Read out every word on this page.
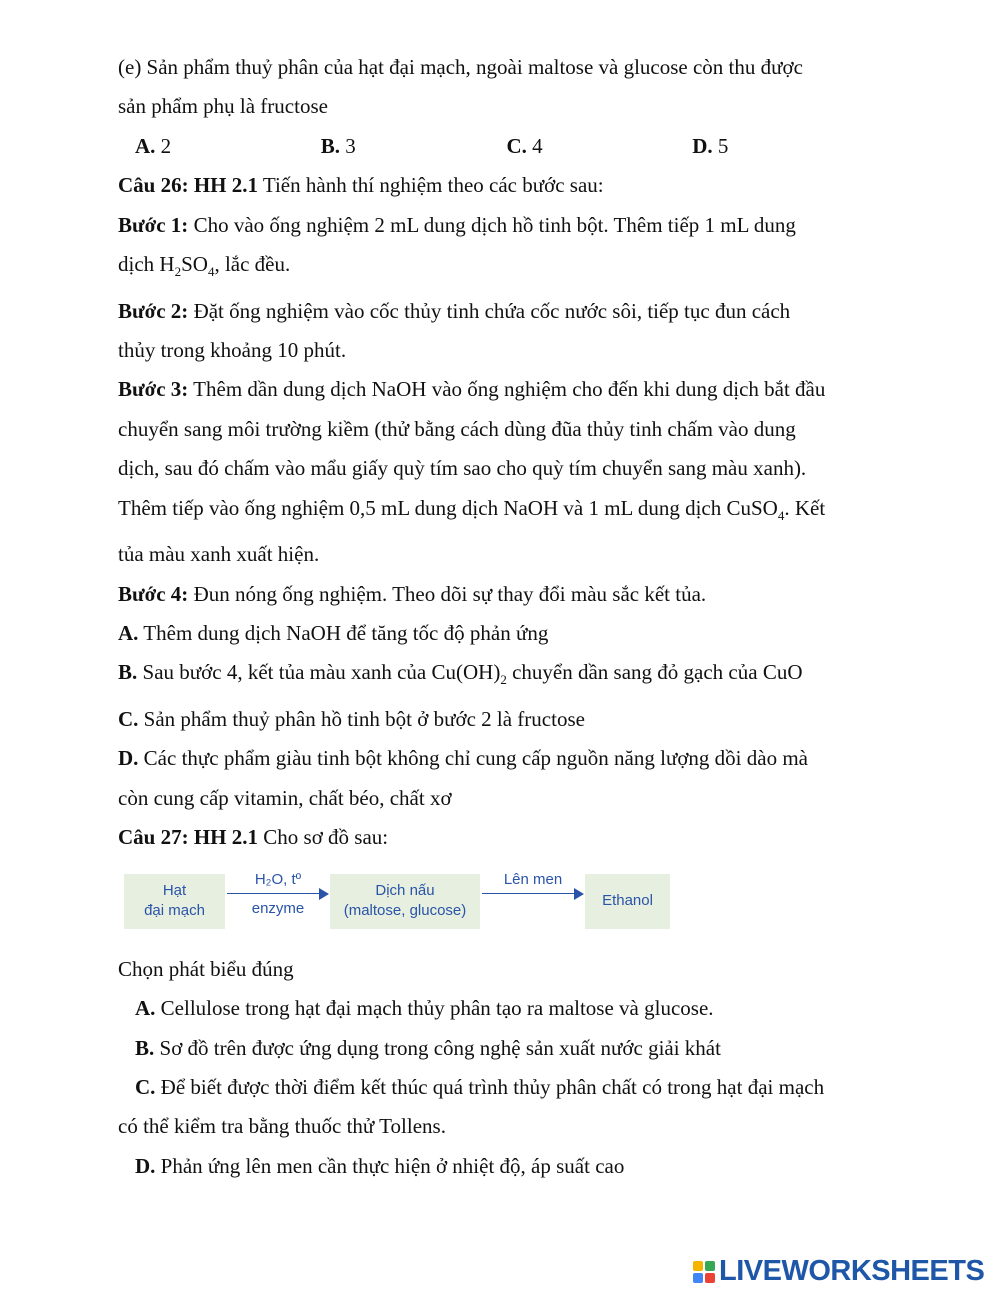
(e) Sản phẩm thuỷ phân của hạt đại mạch, ngoài maltose và glucose còn thu được

sản phẩm phụ là fructose

A. 2	B. 3	C. 4	D. 5

Câu 26: HH 2.1 Tiến hành thí nghiệm theo các bước sau:

Bước 1: Cho vào ống nghiệm 2 mL dung dịch hồ tinh bột. Thêm tiếp 1 mL dung

dịch $H_2SO_4$, lắc đều.

Bước 2: Đặt ống nghiệm vào cốc thủy tinh chứa cốc nước sôi, tiếp tục đun cách

thủy trong khoảng 10 phút.

Bước 3: Thêm dần dung dịch NaOH vào ống nghiệm cho đến khi dung dịch bắt đầu

chuyển sang môi trường kiềm (thử bằng cách dùng đũa thủy tinh chấm vào dung

dịch, sau đó chấm vào mẩu giấy quỳ tím sao cho quỳ tím chuyển sang màu xanh).

Thêm tiếp vào ống nghiệm 0,5 mL dung dịch NaOH và 1 mL dung dịch CuSO$_4$. Kết

tủa màu xanh xuất hiện.

Bước 4: Đun nóng ống nghiệm. Theo dõi sự thay đổi màu sắc kết tủa.

A. Thêm dung dịch NaOH để tăng tốc độ phản ứng

B. Sau bước 4, kết tủa màu xanh của $Cu(OH)_2$ chuyển dần sang đỏ gạch của CuO

C. Sản phẩm thuỷ phân hồ tinh bột ở bước 2 là fructose

D. Các thực phẩm giàu tinh bột không chỉ cung cấp nguồn năng lượng dồi dào mà

còn cung cấp vitamin, chất béo, chất xơ

Câu 27: HH 2.1 Cho sơ đồ sau:

Hạt
đại mạch
H₂O, tº
enzyme
Dịch nấu
(maltose, glucose)
Lên men
Ethanol

Chọn phát biểu đúng

A. Cellulose trong hạt đại mạch thủy phân tạo ra maltose và glucose.

B. Sơ đồ trên được ứng dụng trong công nghệ sản xuất nước giải khát

C. Để biết được thời điểm kết thúc quá trình thủy phân chất có trong hạt đại mạch

có thể kiểm tra bằng thuốc thử Tollens.

D. Phản ứng lên men cần thực hiện ở nhiệt độ, áp suất cao

LIVEWORKSHEETS
